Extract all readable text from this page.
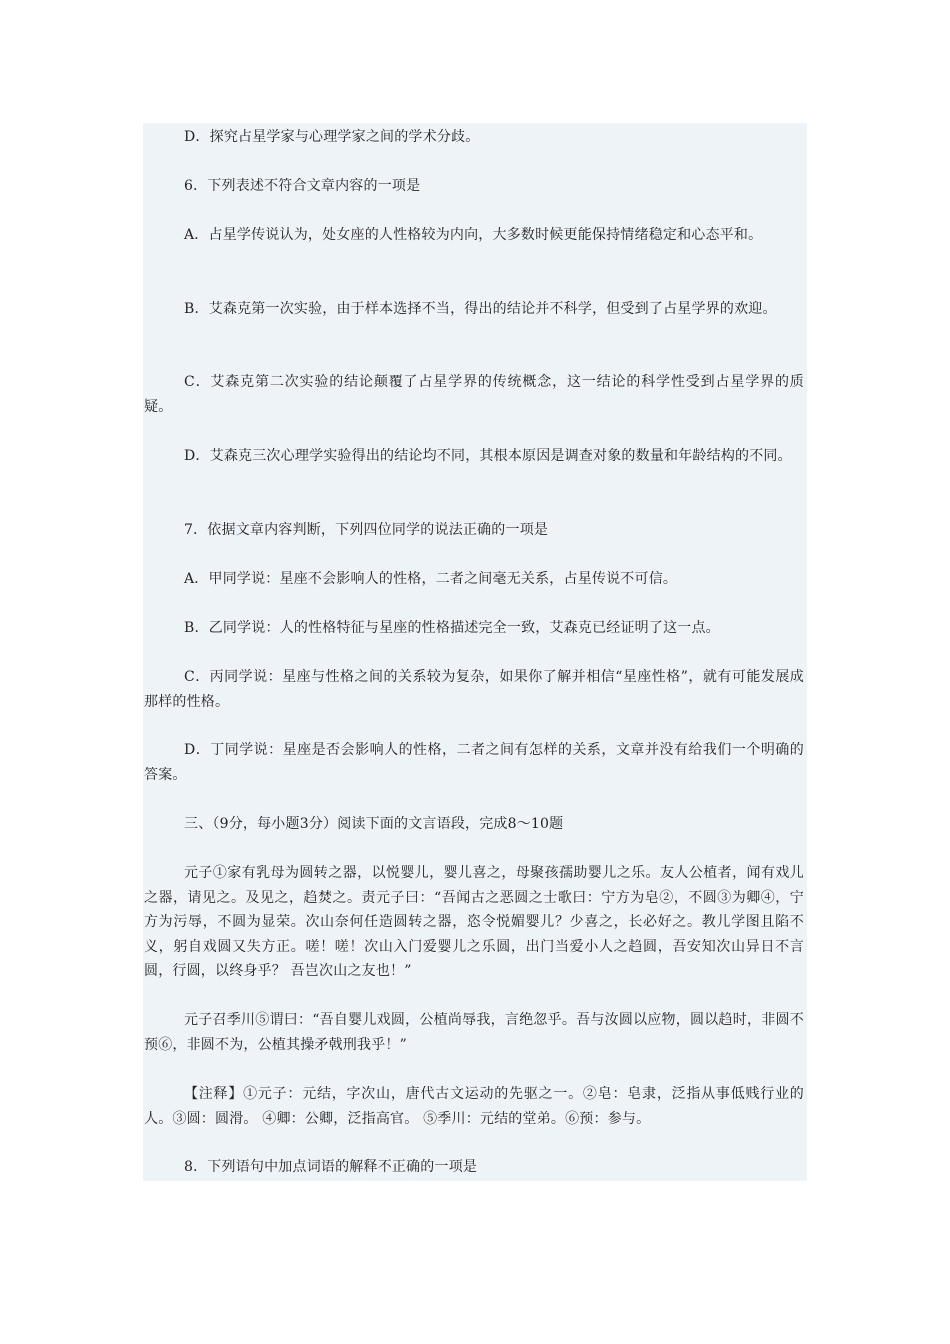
D．探究占星学家与心理学家之间的学术分歧。

6．下列表述不符合文章内容的一项是

A．占星学传说认为，处女座的人性格较为内向，大多数时候更能保持情绪稳定和心态平和。

B．艾森克第一次实验，由于样本选择不当，得出的结论并不科学，但受到了占星学界的欢迎。

C．艾森克第二次实验的结论颠覆了占星学界的传统概念，这一结论的科学性受到占星学界的质疑。

D．艾森克三次心理学实验得出的结论均不同，其根本原因是调查对象的数量和年龄结构的不同。

7．依据文章内容判断，下列四位同学的说法正确的一项是

A．甲同学说：星座不会影响人的性格，二者之间毫无关系，占星传说不可信。

B．乙同学说：人的性格特征与星座的性格描述完全一致，艾森克已经证明了这一点。

C．丙同学说：星座与性格之间的关系较为复杂，如果你了解并相信“星座性格”，就有可能发展成那样的性格。

D．丁同学说：星座是否会影响人的性格，二者之间有怎样的关系，文章并没有给我们一个明确的答案。

三、（9分，每小题3分）阅读下面的文言语段，完成8～10题

元子①家有乳母为圆转之器，以悦婴儿，婴儿喜之，母聚孩孺助婴儿之乐。友人公植者，闻有戏儿之器，请见之。及见之，趋焚之。责元子曰：“吾闻古之恶圆之士歌曰：宁方为皂②，不圆③为卿④，宁方为污辱，不圆为显荣。次山奈何任造圆转之器，恣令悦媚婴儿？少喜之，长必好之。教儿学图且陷不义，躬自戏圆又失方正。嗟！嗟！次山入门爱婴儿之乐圆，出门当爱小人之趋圆，吾安知次山异日不言圆，行圆，以终身乎？ 吾岂次山之友也！”

元子召季川⑤谓曰：“吾自婴儿戏圆，公植尚辱我，言绝忽乎。吾与汝圆以应物，圆以趋时，非圆不预⑥，非圆不为，公植其操矛戟刑我乎！”

【注释】①元子：元结，字次山，唐代古文运动的先驱之一。②皂：皂隶，泛指从事低贱行业的人。③圆：圆滑。 ④卿：公卿，泛指高官。 ⑤季川：元结的堂弟。⑥预：参与。

8．下列语句中加点词语的解释不正确的一项是
